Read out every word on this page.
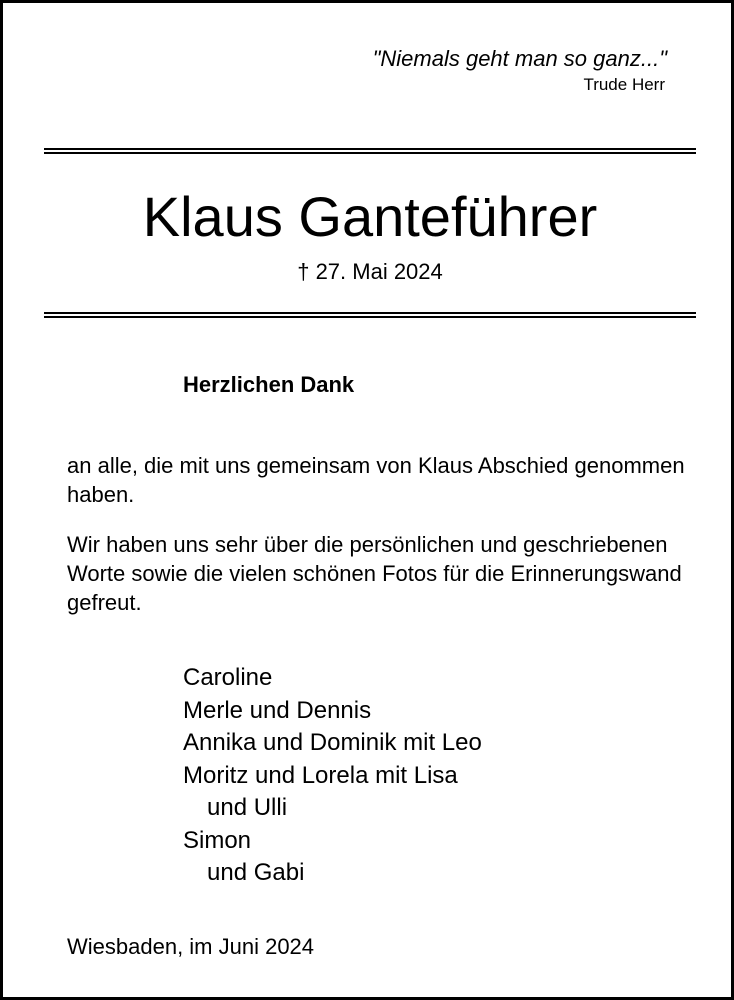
"Niemals geht man so ganz..."
Trude Herr
Klaus Ganteführer
† 27. Mai 2024
Herzlichen Dank
an alle, die mit uns gemeinsam von Klaus Abschied genommen haben.
Wir haben uns sehr über die persönlichen und geschriebenen Worte sowie die vielen schönen Fotos für die Erinnerungswand gefreut.
Caroline
Merle und Dennis
Annika und Dominik mit Leo
Moritz und Lorela mit Lisa
und Ulli
Simon
und Gabi
Wiesbaden, im Juni 2024
